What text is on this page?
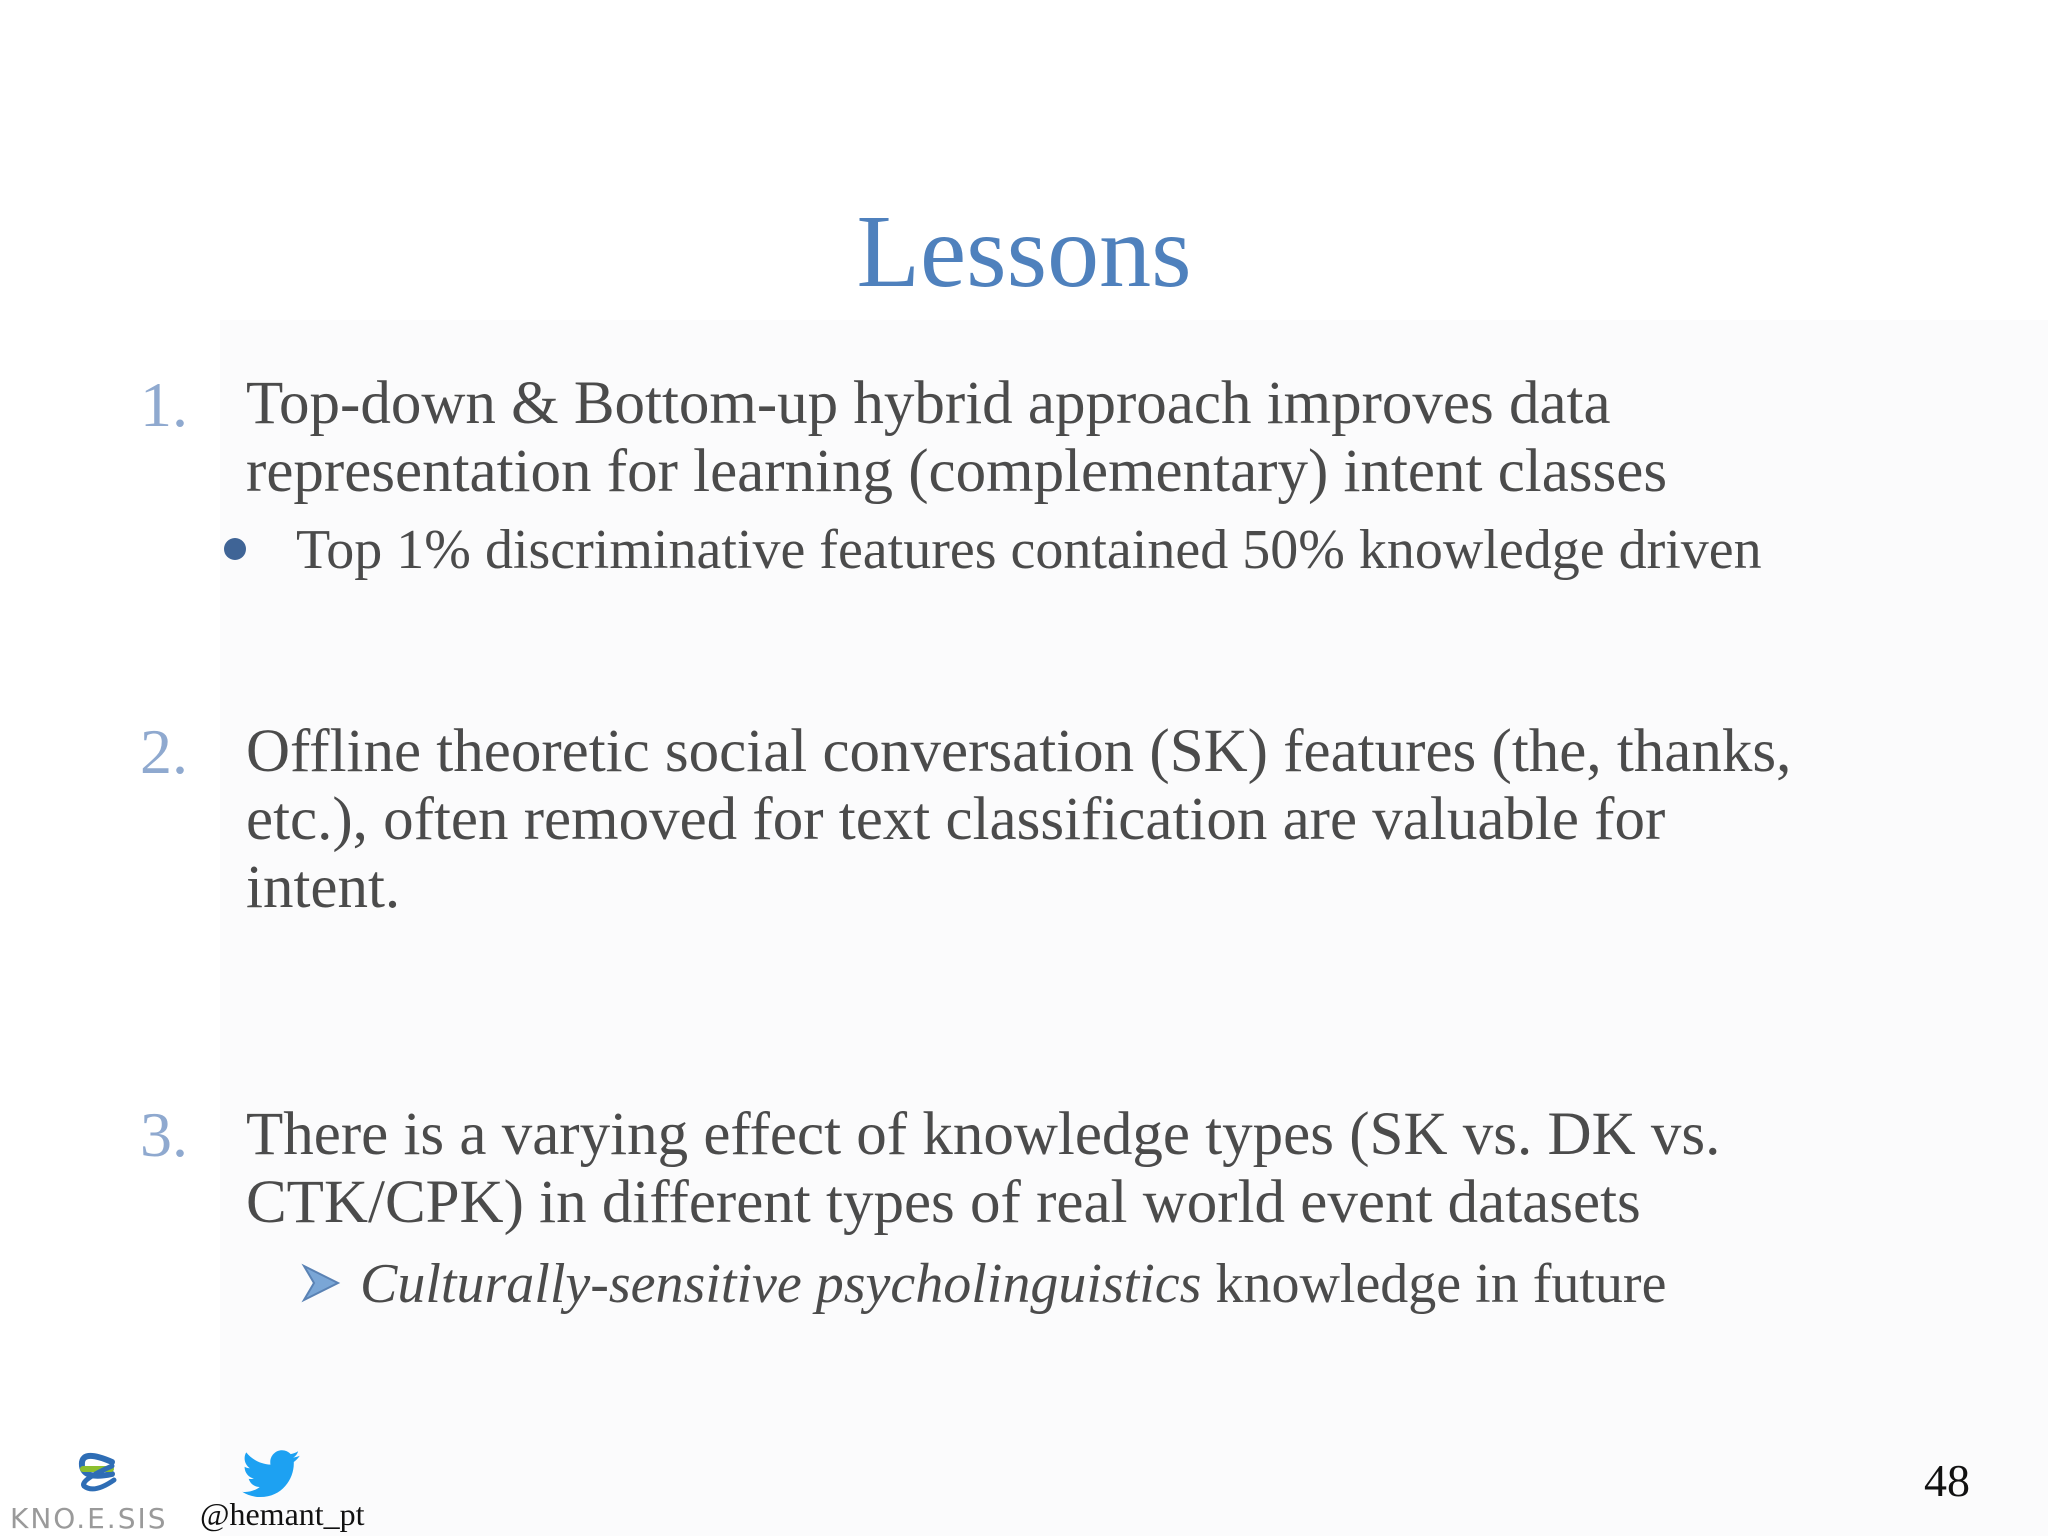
Lessons
1. Top-down & Bottom-up hybrid approach improves data
representation for learning (complementary) intent classes
Top 1% discriminative features contained 50% knowledge driven
2. Offline theoretic social conversation (SK) features (the, thanks,
etc.), often removed for text classification are valuable for
intent.
3. There is a varying effect of knowledge types (SK vs. DK vs.
CTK/CPK) in different types of real world event datasets
Culturally-sensitive psycholinguistics knowledge in future
KNO.E.SIS @hemant_pt
48
